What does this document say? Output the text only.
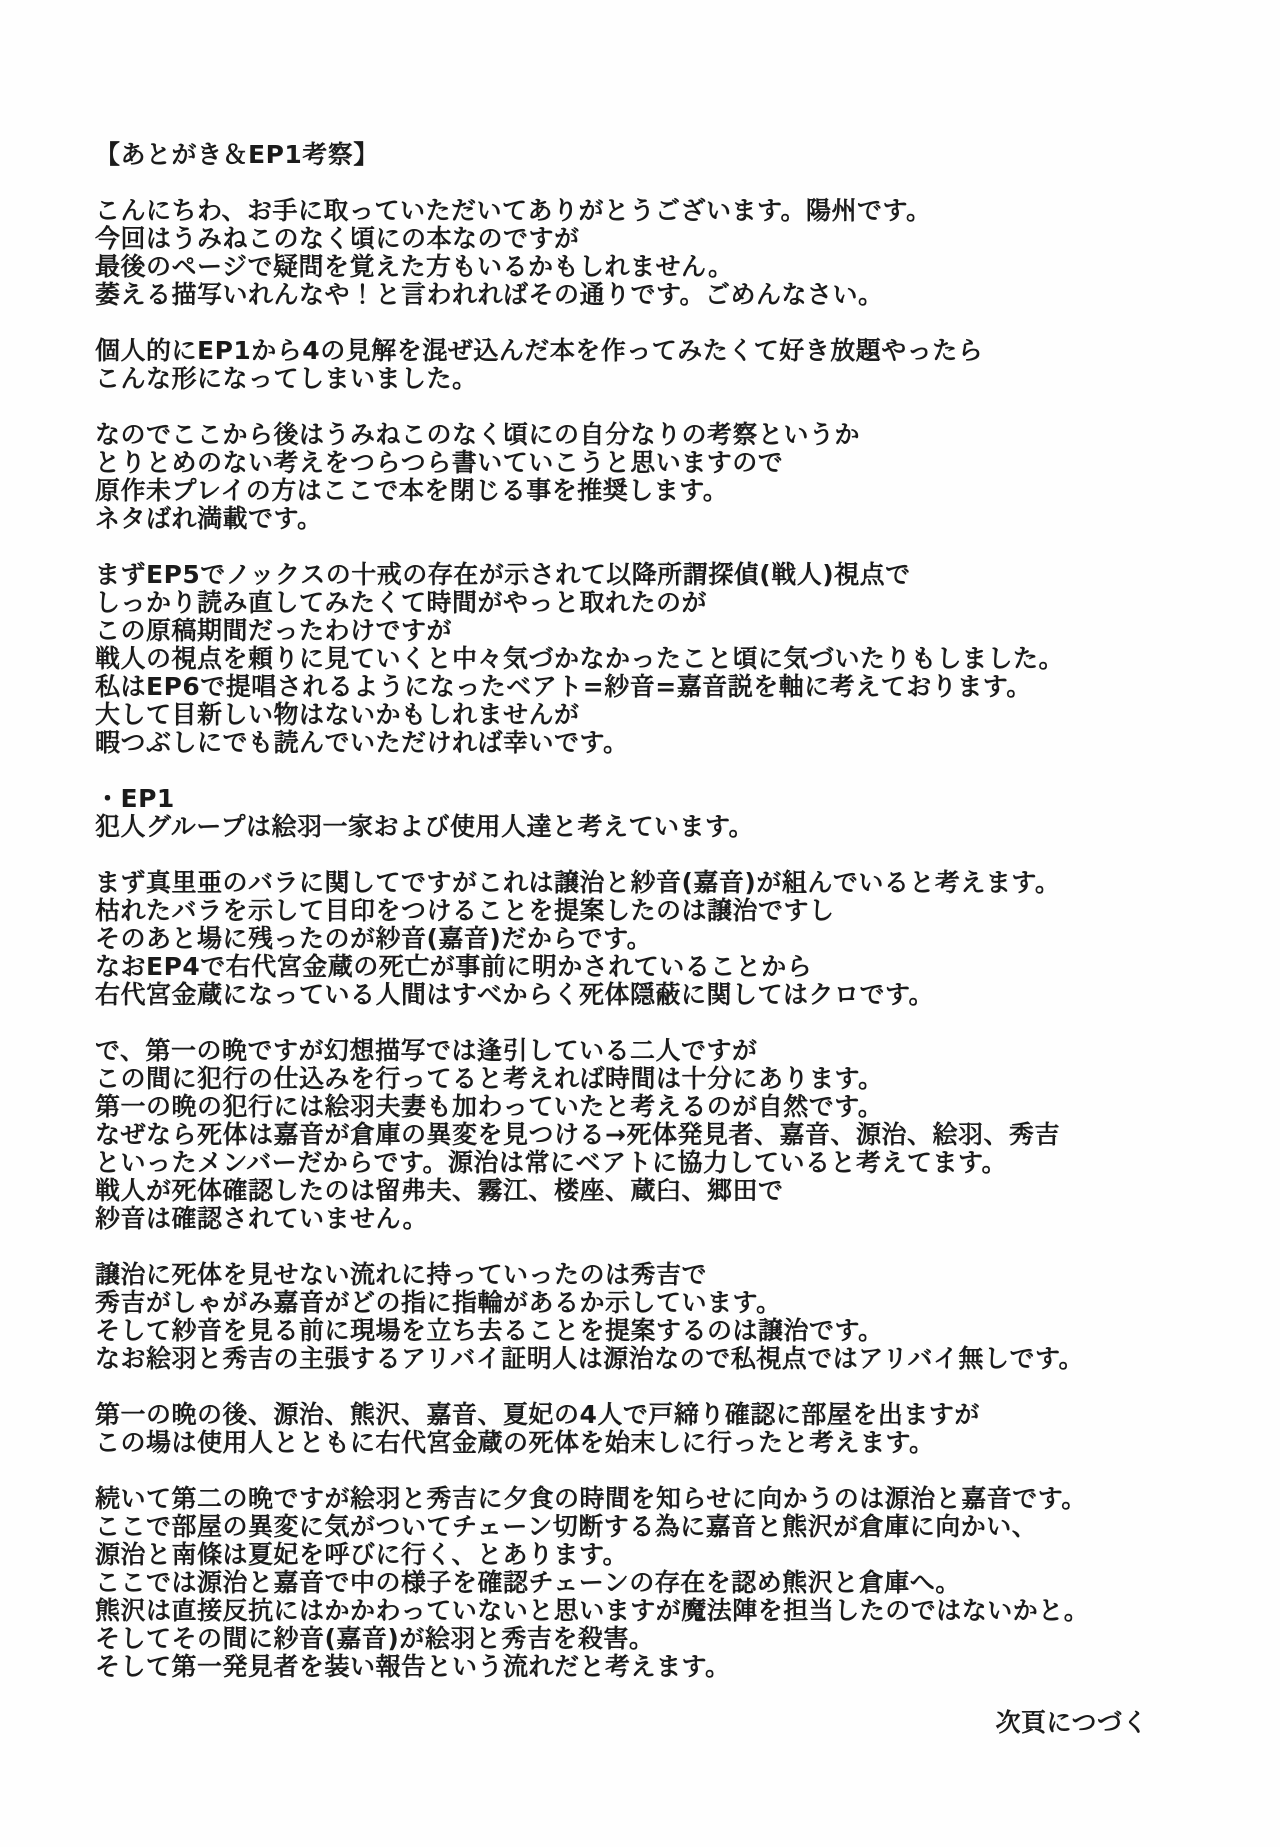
【あとがき＆EP1考察】
こんにちわ、お手に取っていただいてありがとうございます。陽州です。
今回はうみねこのなく頃にの本なのですが
最後のページで疑問を覚えた方もいるかもしれません。
萎える描写いれんなや！と言われればその通りです。ごめんなさい。
個人的にEP1から4の見解を混ぜ込んだ本を作ってみたくて好き放題やったら
こんな形になってしまいました。
なのでここから後はうみねこのなく頃にの自分なりの考察というか
とりとめのない考えをつらつら書いていこうと思いますので
原作未プレイの方はここで本を閉じる事を推奨します。
ネタばれ満載です。
まずEP5でノックスの十戒の存在が示されて以降所謂探偵(戦人)視点で
しっかり読み直してみたくて時間がやっと取れたのが
この原稿期間だったわけですが
戦人の視点を頼りに見ていくと中々気づかなかったこと頃に気づいたりもしました。
私はEP6で提唱されるようになったベアト=紗音=嘉音説を軸に考えております。
大して目新しい物はないかもしれませんが
暇つぶしにでも読んでいただければ幸いです。
・EP1
犯人グループは絵羽一家および使用人達と考えています。
まず真里亜のバラに関してですがこれは譲治と紗音(嘉音)が組んでいると考えます。
枯れたバラを示して目印をつけることを提案したのは譲治ですし
そのあと場に残ったのが紗音(嘉音)だからです。
なおEP4で右代宮金蔵の死亡が事前に明かされていることから
右代宮金蔵になっている人間はすべからく死体隠蔽に関してはクロです。
で、第一の晩ですが幻想描写では逢引している二人ですが
この間に犯行の仕込みを行ってると考えれば時間は十分にあります。
第一の晩の犯行には絵羽夫妻も加わっていたと考えるのが自然です。
なぜなら死体は嘉音が倉庫の異変を見つける→死体発見者、嘉音、源治、絵羽、秀吉
といったメンバーだからです。源治は常にベアトに協力していると考えてます。
戦人が死体確認したのは留弗夫、霧江、楼座、蔵臼、郷田で
紗音は確認されていません。
譲治に死体を見せない流れに持っていったのは秀吉で
秀吉がしゃがみ嘉音がどの指に指輪があるか示しています。
そして紗音を見る前に現場を立ち去ることを提案するのは譲治です。
なお絵羽と秀吉の主張するアリバイ証明人は源治なので私視点ではアリバイ無しです。
第一の晩の後、源治、熊沢、嘉音、夏妃の4人で戸締り確認に部屋を出ますが
この場は使用人とともに右代宮金蔵の死体を始末しに行ったと考えます。
続いて第二の晩ですが絵羽と秀吉に夕食の時間を知らせに向かうのは源治と嘉音です。
ここで部屋の異変に気がついてチェーン切断する為に嘉音と熊沢が倉庫に向かい、
源治と南條は夏妃を呼びに行く、とあります。
ここでは源治と嘉音で中の様子を確認チェーンの存在を認め熊沢と倉庫へ。
熊沢は直接反抗にはかかわっていないと思いますが魔法陣を担当したのではないかと。
そしてその間に紗音(嘉音)が絵羽と秀吉を殺害。
そして第一発見者を装い報告という流れだと考えます。
次頁につづく
